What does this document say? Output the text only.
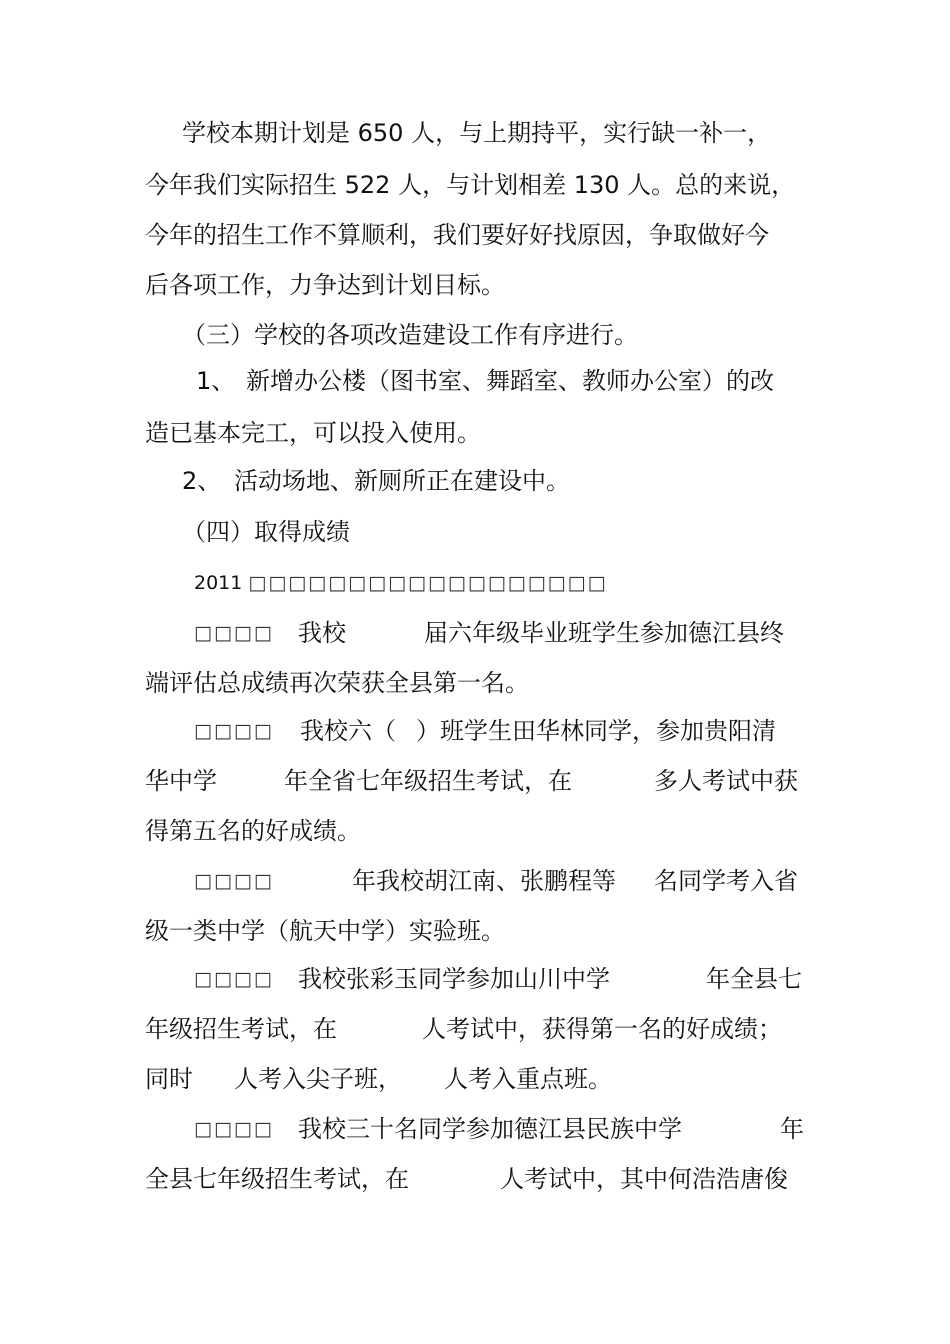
学校本期计划是 650 人，与上期持平，实行缺一补一，
今年我们实际招生 522 人，与计划相差 130 人。总的来说，
今年的招生工作不算顺利，我们要好好找原因，争取做好今
后各项工作，力争达到计划目标。
（三）学校的各项改造建设工作有序进行。
1、 新增办公楼（图书室、舞蹈室、教师办公室）的改
造已基本完工，可以投入使用。
2、 活动场地、新厕所正在建设中。
（四）取得成绩
2011 □□□□□□□□□□□□□□□□□□
□□□□ 我校	届六年级毕业班学生参加德江县终
端评估总成绩再次荣获全县第一名。
□□□□ 我校六（ ）班学生田华林同学，参加贵阳清
华中学	年全省七年级招生考试，在	多人考试中获
得第五名的好成绩。
□□□□	年我校胡江南、张鹏程等 名同学考入省
级一类中学（航天中学）实验班。
□□□□ 我校张彩玉同学参加山川中学	年全县七
年级招生考试，在	人考试中，获得第一名的好成绩；
同时 人考入尖子班， 人考入重点班。
□□□□ 我校三十名同学参加德江县民族中学	年
全县七年级招生考试，在	人考试中，其中何浩浩唐俊
